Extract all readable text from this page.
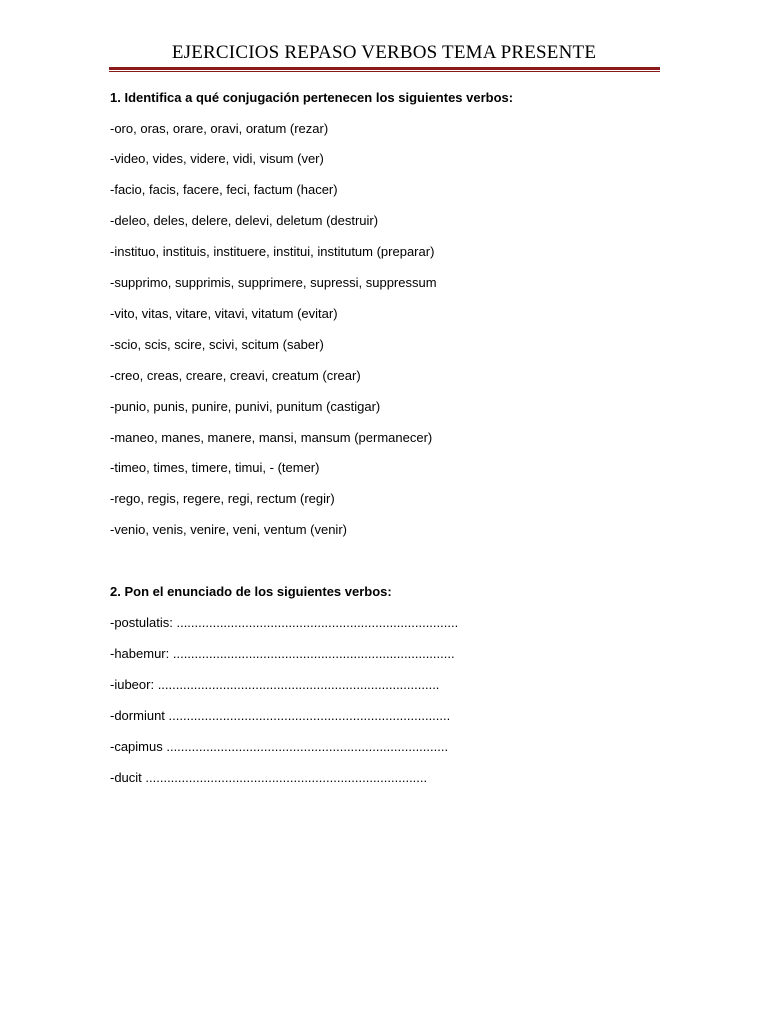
EJERCICIOS REPASO VERBOS TEMA PRESENTE
1. Identifica a qué conjugación pertenecen los siguientes verbos:
-oro, oras, orare, oravi, oratum (rezar)
-video, vides, videre, vidi, visum (ver)
-facio, facis, facere, feci, factum (hacer)
-deleo, deles, delere, delevi, deletum (destruir)
-instituo, instituis, instituere, institui, institutum (preparar)
-supprimo, supprimis, supprimere, supressi, suppressum
-vito, vitas, vitare, vitavi, vitatum (evitar)
-scio, scis, scire, scivi, scitum (saber)
-creo, creas, creare, creavi, creatum (crear)
-punio, punis, punire, punivi, punitum (castigar)
-maneo, manes, manere, mansi, mansum (permanecer)
-timeo, times, timere, timui, - (temer)
-rego, regis, regere, regi, rectum (regir)
-venio, venis, venire, veni, ventum (venir)
2. Pon el enunciado de los siguientes verbos:
-postulatis: ..............................................................................
-habemur: ..............................................................................
-iubeor: ..............................................................................
-dormiunt ..............................................................................
-capimus ..............................................................................
-ducit ..............................................................................
